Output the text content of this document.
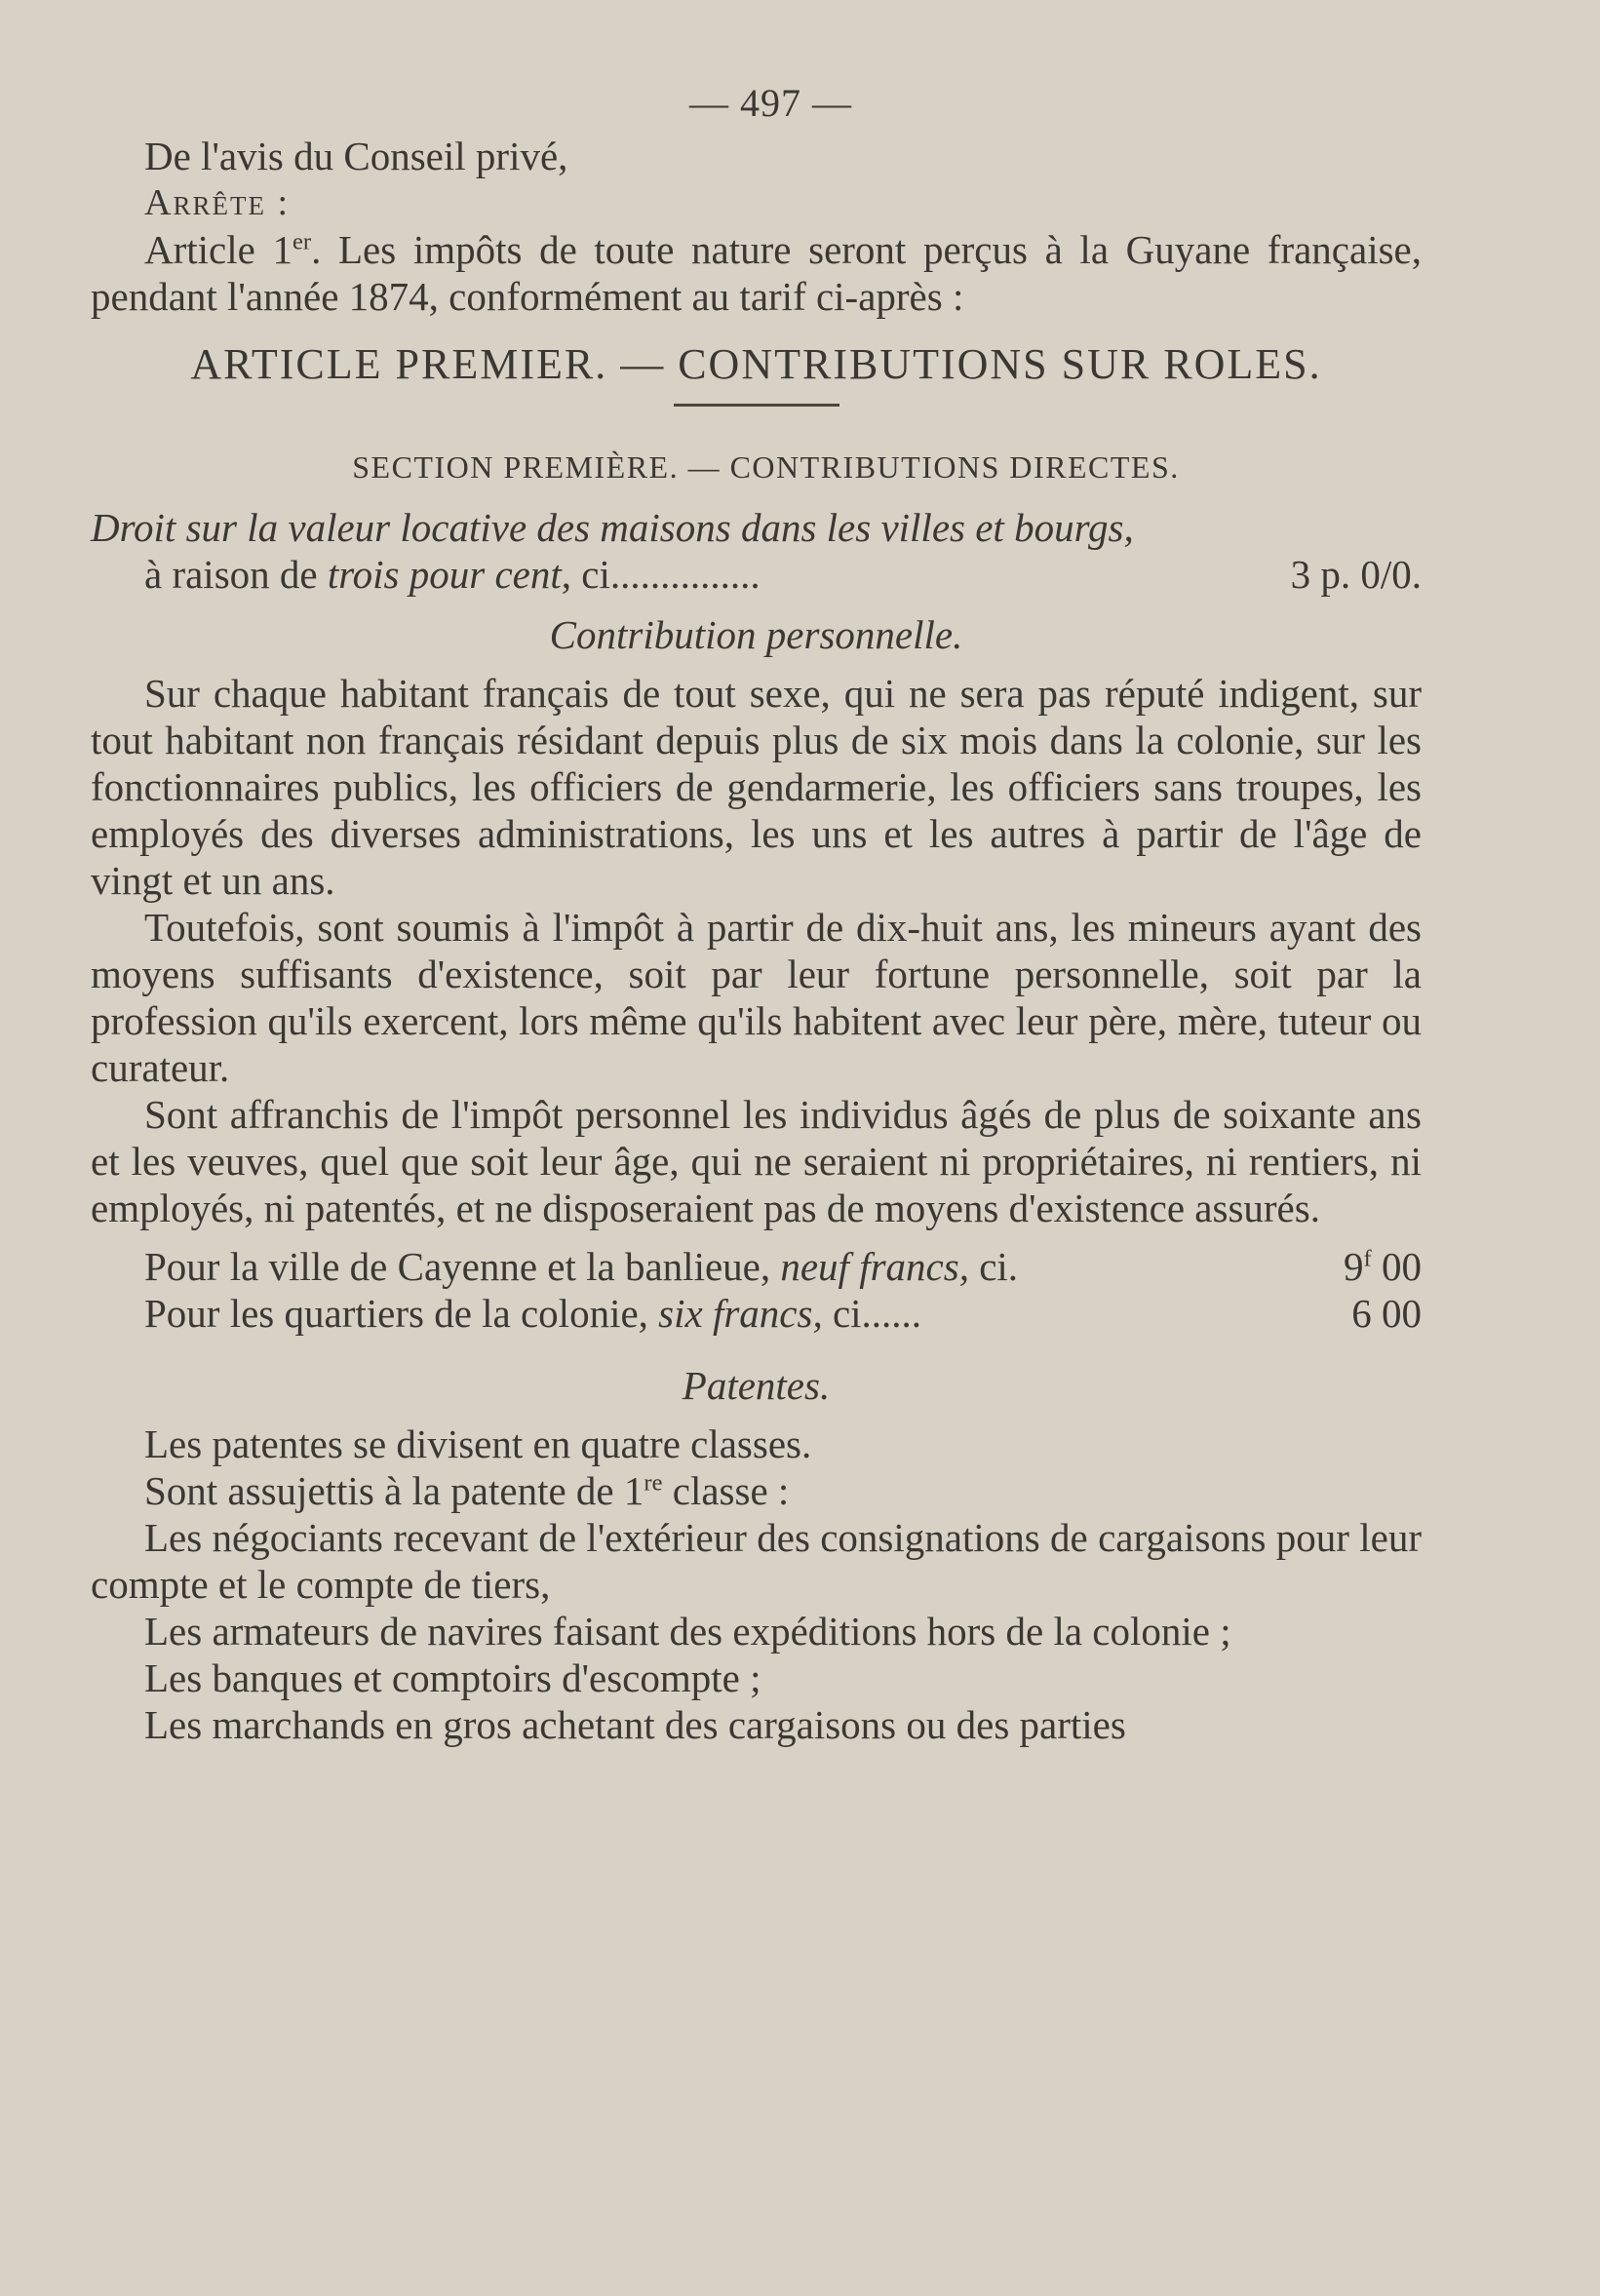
— 497 —

De l'avis du Conseil privé,

Arrête :

Article 1er. Les impôts de toute nature seront perçus à la Guyane française, pendant l'année 1874, conformément au tarif ci-après :

ARTICLE PREMIER. — CONTRIBUTIONS SUR ROLES.
SECTION PREMIÈRE. — CONTRIBUTIONS DIRECTES.

Droit sur la valeur locative des maisons dans les villes et bourgs,

à raison de trois pour cent, ci...............	3 p. 0/0.
Contribution personnelle.

Sur chaque habitant français de tout sexe, qui ne sera pas réputé indigent, sur tout habitant non français résidant depuis plus de six mois dans la colonie, sur les fonctionnaires publics, les officiers de gendarmerie, les officiers sans troupes, les employés des diverses administrations, les uns et les autres à partir de l'âge de vingt et un ans.

Toutefois, sont soumis à l'impôt à partir de dix-huit ans, les mineurs ayant des moyens suffisants d'existence, soit par leur fortune personnelle, soit par la profession qu'ils exercent, lors même qu'ils habitent avec leur père, mère, tuteur ou curateur.

Sont affranchis de l'impôt personnel les individus âgés de plus de soixante ans et les veuves, quel que soit leur âge, qui ne seraient ni propriétaires, ni rentiers, ni employés, ni patentés, et ne disposeraient pas de moyens d'existence assurés.

Pour la ville de Cayenne et la banlieue, neuf francs, ci.	9$^f$ 00
Pour les quartiers de la colonie, six francs, ci......	6 00
Patentes.

Les patentes se divisent en quatre classes.

Sont assujettis à la patente de 1re classe :

Les négociants recevant de l'extérieur des consignations de cargaisons pour leur compte et le compte de tiers,

Les armateurs de navires faisant des expéditions hors de la colonie ;

Les banques et comptoirs d'escompte ;

Les marchands en gros achetant des cargaisons ou des parties
